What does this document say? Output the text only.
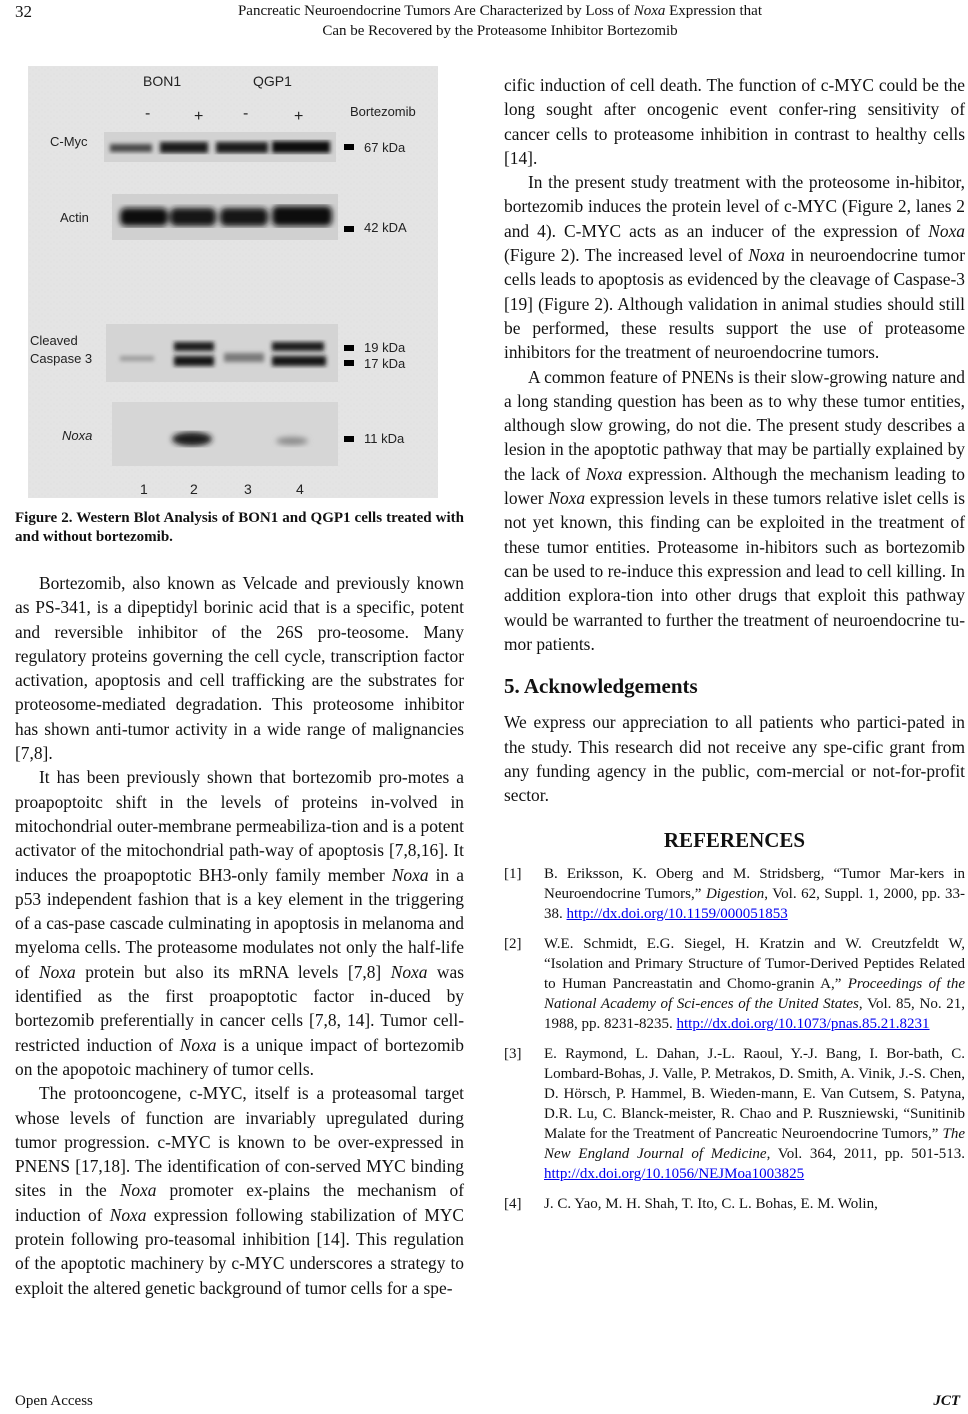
32	Pancreatic Neuroendocrine Tumors Are Characterized by Loss of Noxa Expression that
Can be Recovered by the Proteasome Inhibitor Bortezomib
BON1	QGP1
-	+ -	+	Bortezomib
C-Myc	67 kDa
Actin
42 kDA
Cleaved
Caspase 3
19 kDa
17 kDa
Noxa	11 kDa
1	2	3	4
Figure 2. Western Blot Analysis of BON1 and QGP1 cells treated with and without bortezomib.

Bortezomib, also known as Velcade and previously known as PS-341, is a dipeptidyl borinic acid that is a specific, potent and reversible inhibitor of the 26S pro-teosome. Many regulatory proteins governing the cell cycle, transcription factor activation, apoptosis and cell trafficking are the substrates for proteosome-mediated degradation. This proteosome inhibitor has shown anti-tumor activity in a wide range of malignancies [7,8].

It has been previously shown that bortezomib pro-motes a proapoptoitc shift in the levels of proteins in-volved in mitochondrial outer-membrane permeabiliza-tion and is a potent activator of the mitochondrial path-way of apoptosis [7,8,16]. It induces the proapoptotic BH3-only family member Noxa in a p53 independent fashion that is a key element in the triggering of a cas-pase cascade culminating in apoptosis in melanoma and myeloma cells. The proteasome modulates not only the half-life of Noxa protein but also its mRNA levels [7,8] Noxa was identified as the first proapoptotic factor in-duced by bortezomib preferentially in cancer cells [7,8, 14]. Tumor cell-restricted induction of Noxa is a unique impact of bortezomib on the apopotoic machinery of tumor cells.

The protooncogene, c-MYC, itself is a proteasomal target whose levels of function are invariably upregulated during tumor progression. c-MYC is known to be over-expressed in PNENS [17,18]. The identification of con-served MYC binding sites in the Noxa promoter ex-plains the mechanism of induction of Noxa expression following stabilization of MYC protein following pro-teasomal inhibition [14]. This regulation of the apoptotic machinery by c-MYC underscores a strategy to exploit the altered genetic background of tumor cells for a spe-

cific induction of cell death. The function of c-MYC could be the long sought after oncogenic event confer-ring sensitivity of cancer cells to proteasome inhibition in contrast to healthy cells [14].

In the present study treatment with the proteosome in-hibitor, bortezomib induces the protein level of c-MYC (Figure 2, lanes 2 and 4). C-MYC acts as an inducer of the expression of Noxa (Figure 2). The increased level of Noxa in neuroendocrine tumor cells leads to apoptosis as evidenced by the cleavage of Caspase-3 [19] (Figure 2). Although validation in animal studies should still be performed, these results support the use of proteasome inhibitors for the treatment of neuroendocrine tumors.

A common feature of PNENs is their slow-growing nature and a long standing question has been as to why these tumor entities, although slow growing, do not die. The present study describes a lesion in the apoptotic pathway that may be partially explained by the lack of Noxa expression. Although the mechanism leading to lower Noxa expression levels in these tumors relative islet cells is not yet known, this finding can be exploited in the treatment of these tumor entities. Proteasome in-hibitors such as bortezomib can be used to re-induce this expression and lead to cell killing. In addition explora-tion into other drugs that exploit this pathway would be warranted to further the treatment of neuroendocrine tu-mor patients.

5. Acknowledgements

We express our appreciation to all patients who partici-pated in the study. This research did not receive any spe-cific grant from any funding agency in the public, com-mercial or not-for-profit sector.

REFERENCES
[1]	B. Eriksson, K. Oberg and M. Stridsberg, “Tumor Mar-kers in Neuroendocrine Tumors,” Digestion, Vol. 62, Suppl. 1, 2000, pp. 33-38. http://dx.doi.org/10.1159/000051853
[2]	W.E. Schmidt, E.G. Siegel, H. Kratzin and W. Creutzfeldt W, “Isolation and Primary Structure of Tumor-Derived Peptides Related to Human Pancreastatin and Chomo-granin A,” Proceedings of the National Academy of Sci-ences of the United States, Vol. 85, No. 21, 1988, pp. 8231-8235. http://dx.doi.org/10.1073/pnas.85.21.8231
[3]	E. Raymond, L. Dahan, J.-L. Raoul, Y.-J. Bang, I. Bor-bath, C. Lombard-Bohas, J. Valle, P. Metrakos, D. Smith, A. Vinik, J.-S. Chen, D. Hörsch, P. Hammel, B. Wieden-mann, E. Van Cutsem, S. Patyna, D.R. Lu, C. Blanck-meister, R. Chao and P. Ruszniewski, “Sunitinib Malate for the Treatment of Pancreatic Neuroendocrine Tumors,” The New England Journal of Medicine, Vol. 364, 2011, pp. 501-513. http://dx.doi.org/10.1056/NEJMoa1003825
[4]	J. C. Yao, M. H. Shah, T. Ito, C. L. Bohas, E. M. Wolin,
Open Access	JCT
